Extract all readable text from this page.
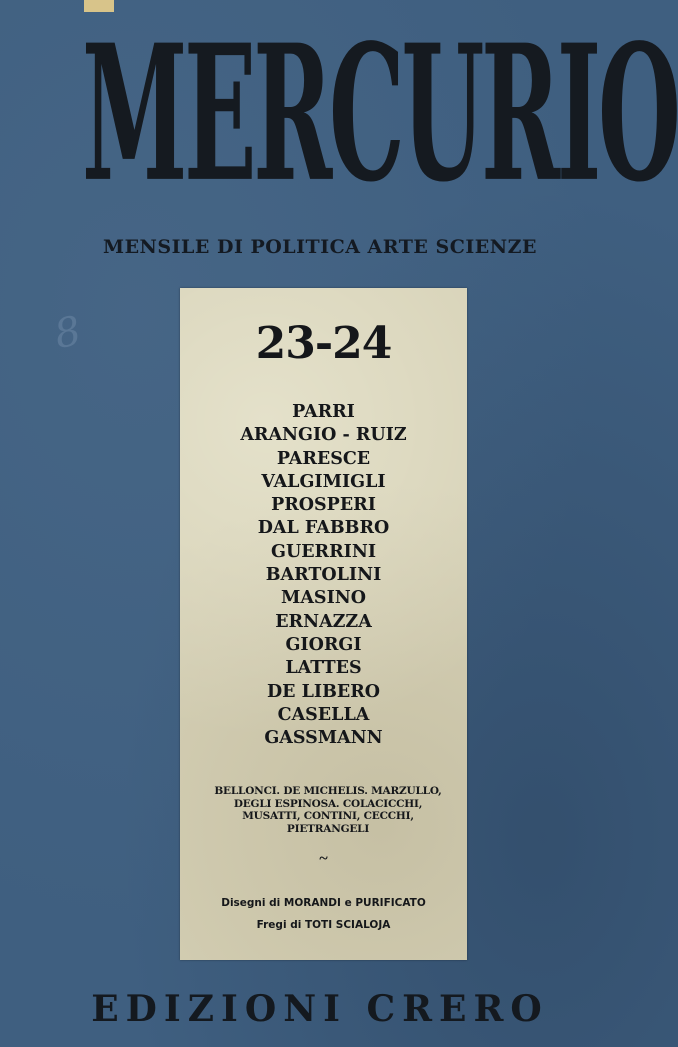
MERCURIO
MENSILE DI POLITICA ARTE SCIENZE
8	23-24
PARRI
ARANGIO - RUIZ
PARESCE
VALGIMIGLI
PROSPERI
DAL FABBRO
GUERRINI
BARTOLINI
MASINO
ERNAZZA
GIORGI
LATTES
DE LIBERO
CASELLA
GASSMANN
BELLONCI. DE MICHELIS. MARZULLO,
DEGLI ESPINOSA. COLACICCHI,
MUSATTI, CONTINI, CECCHI,
PIETRANGELI
~
Disegni di MORANDI e PURIFICATO
Fregi di TOTI SCIALOJA
EDIZIONI CRERO
